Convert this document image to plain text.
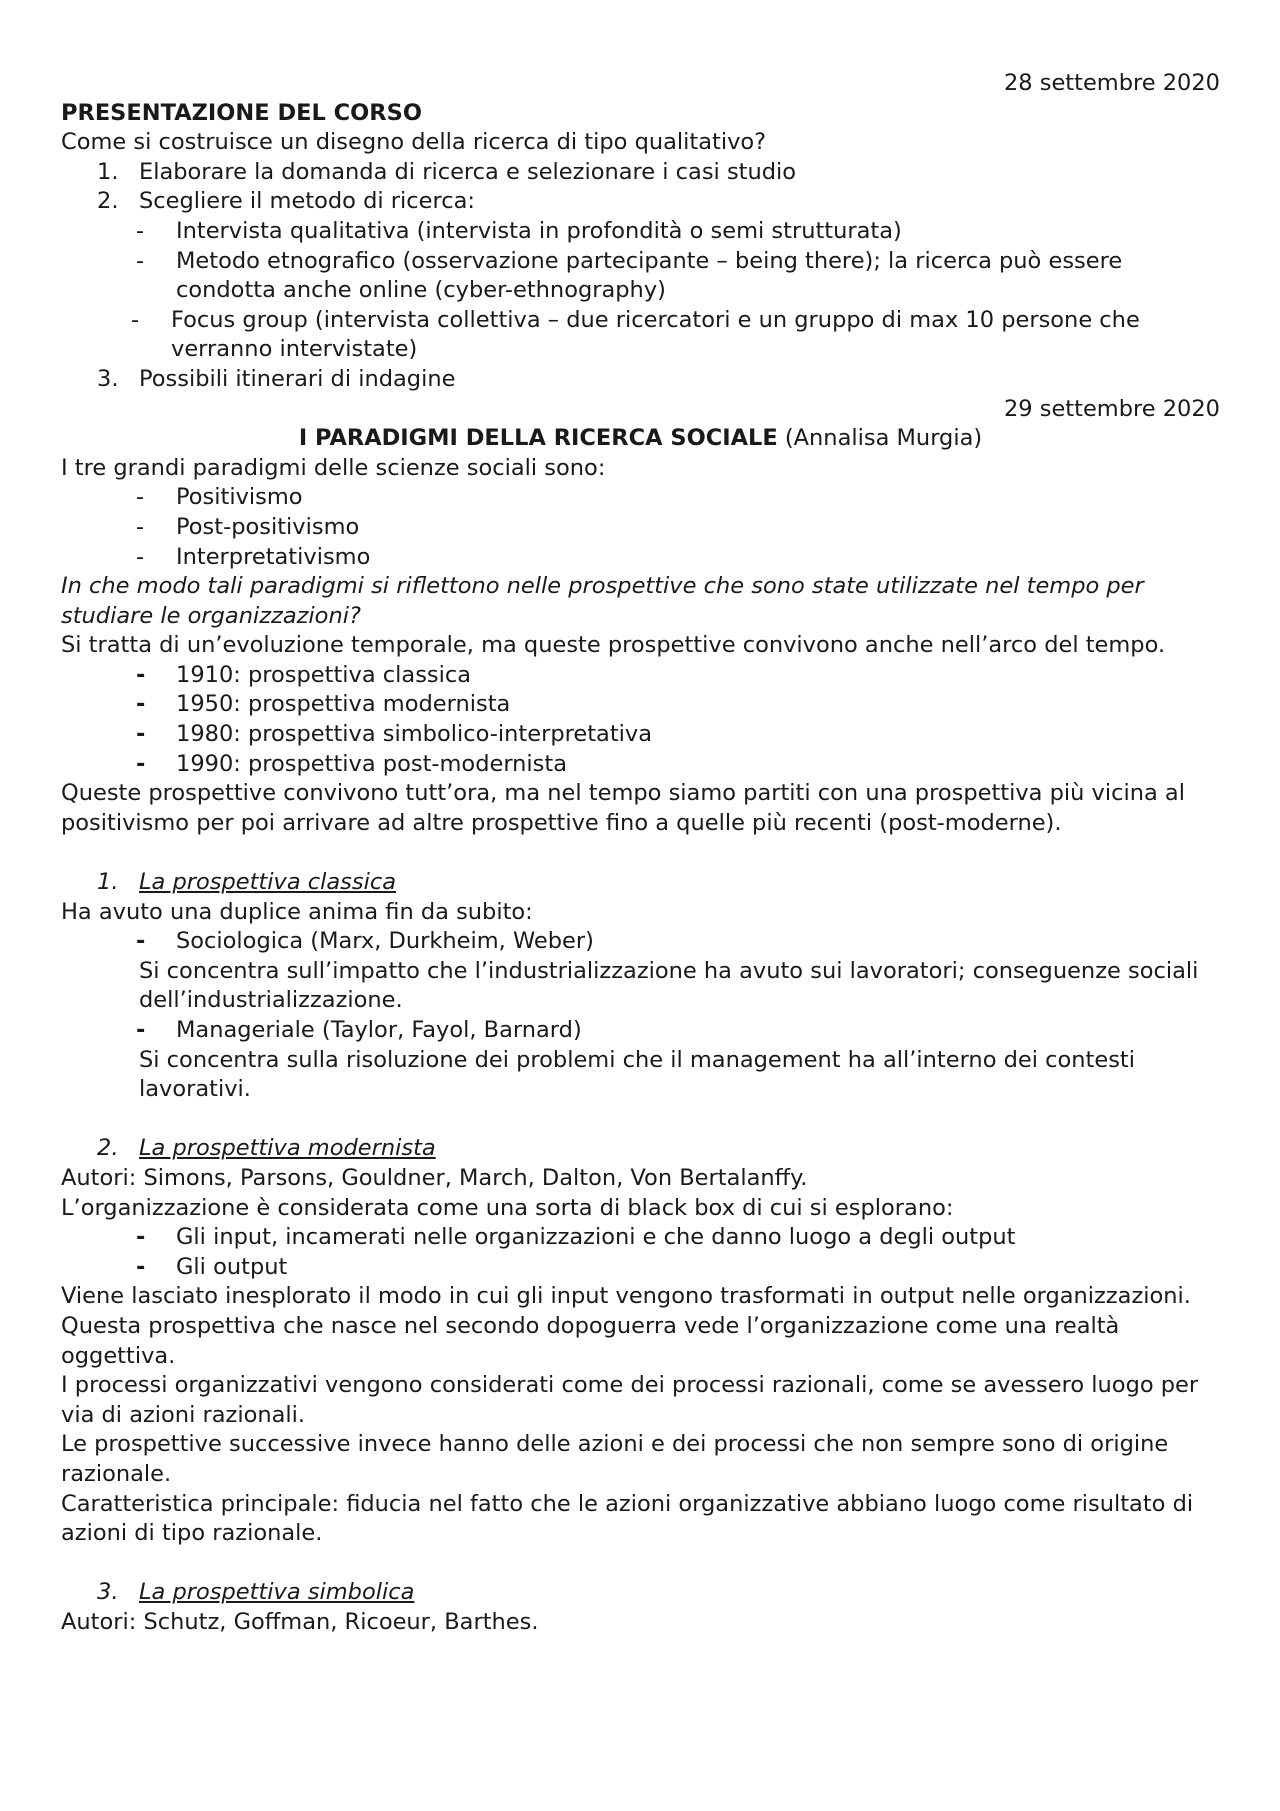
28 settembre 2020

PRESENTAZIONE DEL CORSO

Come si costruisce un disegno della ricerca di tipo qualitativo?

1. Elaborare la domanda di ricerca e selezionare i casi studio
2. Scegliere il metodo di ricerca:
-	Intervista qualitativa (intervista in profondità o semi strutturata)
-	Metodo etnografico (osservazione partecipante – being there); la ricerca può essere condotta anche online (cyber-ethnography)
-	Focus group (intervista collettiva – due ricercatori e un gruppo di max 10 persone che verranno intervistate)
3. Possibili itinerari di indagine

29 settembre 2020

I PARADIGMI DELLA RICERCA SOCIALE (Annalisa Murgia)

I tre grandi paradigmi delle scienze sociali sono:

-	Positivismo
-	Post-positivismo
-	Interpretativismo

In che modo tali paradigmi si riflettono nelle prospettive che sono state utilizzate nel tempo per studiare le organizzazioni?

Si tratta di un’evoluzione temporale, ma queste prospettive convivono anche nell’arco del tempo.

-	1910: prospettiva classica
-	1950: prospettiva modernista
-	1980: prospettiva simbolico-interpretativa
-	1990: prospettiva post-modernista

Queste prospettive convivono tutt’ora, ma nel tempo siamo partiti con una prospettiva più vicina al positivismo per poi arrivare ad altre prospettive fino a quelle più recenti (post-moderne).

1. La prospettiva classica

Ha avuto una duplice anima fin da subito:

-	Sociologica (Marx, Durkheim, Weber)

Si concentra sull’impatto che l’industrializzazione ha avuto sui lavoratori; conseguenze sociali dell’industrializzazione.

-	Manageriale (Taylor, Fayol, Barnard)

Si concentra sulla risoluzione dei problemi che il management ha all’interno dei contesti lavorativi.

2. La prospettiva modernista

Autori: Simons, Parsons, Gouldner, March, Dalton, Von Bertalanffy.

L’organizzazione è considerata come una sorta di black box di cui si esplorano:

-	Gli input, incamerati nelle organizzazioni e che danno luogo a degli output
-	Gli output

Viene lasciato inesplorato il modo in cui gli input vengono trasformati in output nelle organizzazioni.

Questa prospettiva che nasce nel secondo dopoguerra vede l’organizzazione come una realtà oggettiva.

I processi organizzativi vengono considerati come dei processi razionali, come se avessero luogo per via di azioni razionali.

Le prospettive successive invece hanno delle azioni e dei processi che non sempre sono di origine razionale.

Caratteristica principale: fiducia nel fatto che le azioni organizzative abbiano luogo come risultato di azioni di tipo razionale.

3. La prospettiva simbolica

Autori: Schutz, Goffman, Ricoeur, Barthes.
